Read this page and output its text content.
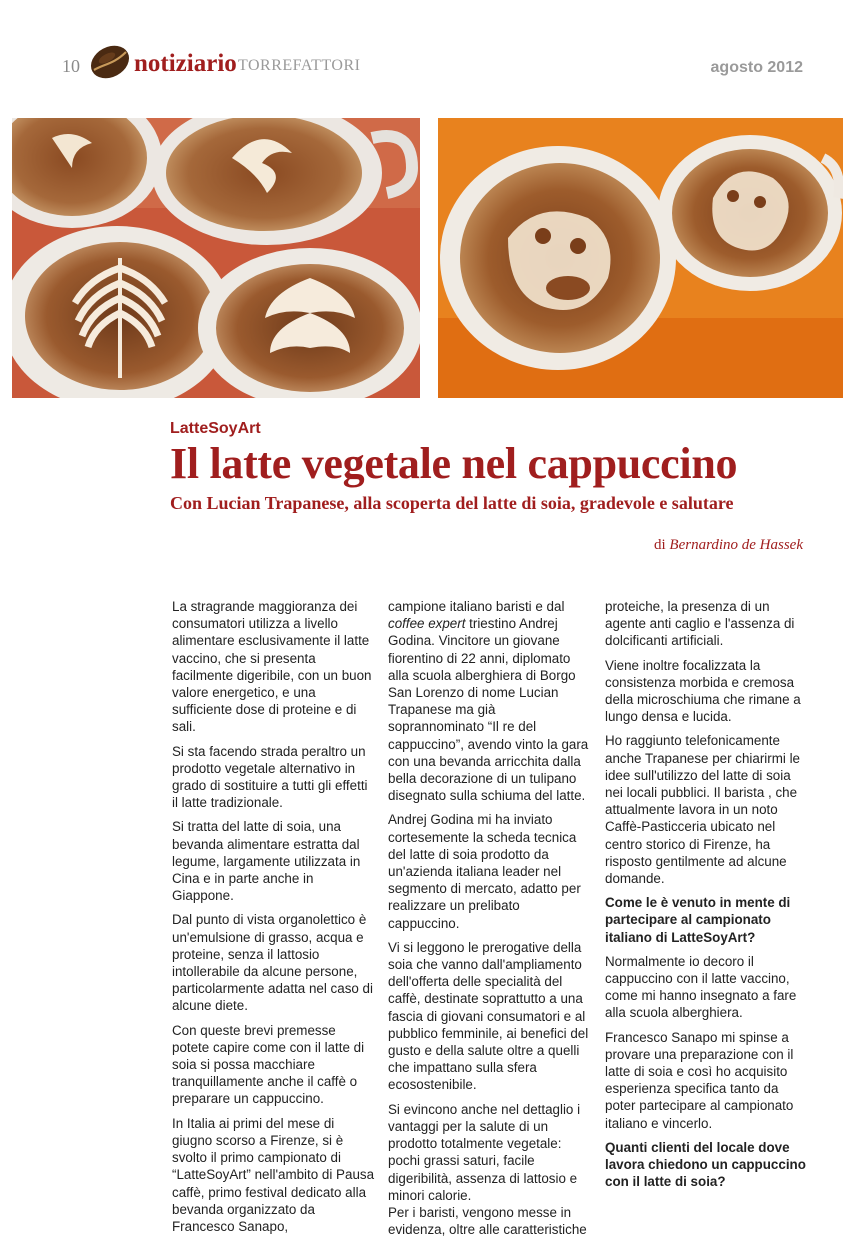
10 notiziario TORREFATTORI	agosto 2012
LatteSoyArt
Il latte vegetale nel cappuccino

Con Lucian Trapanese, alla scoperta del latte di soia, gradevole e salutare

di Bernardino de Hassek

La stragrande maggioranza dei consumatori utilizza a livello alimentare esclusivamente il latte vaccino, che si presenta facilmente digeribile, con un buon valore energetico, e una sufficiente dose di proteine e di sali.

Si sta facendo strada peraltro un prodotto vegetale alternativo in grado di sostituire a tutti gli effetti il latte tradizionale.

Si tratta del latte di soia, una bevanda alimentare estratta dal legume, largamente utilizzata in Cina e in parte anche in Giappone.

Dal punto di vista organolettico è un'emulsione di grasso, acqua e proteine, senza il lattosio intollerabile da alcune persone, particolarmente adatta nel caso di alcune diete.

Con queste brevi premesse potete capire come con il latte di soia si possa macchiare tranquillamente anche il caffè o preparare un cappuccino.

In Italia ai primi del mese di giugno scorso a Firenze, si è svolto il primo campionato di “LatteSoyArt” nell'ambito di Pausa caffè, primo festival dedicato alla bevanda organizzato da Francesco Sanapo,

campione italiano baristi e dal coffee expert triestino Andrej Godina. Vincitore un giovane fiorentino di 22 anni, diplomato alla scuola alberghiera di Borgo San Lorenzo di nome Lucian Trapanese ma già soprannominato “Il re del cappuccino”, avendo vinto la gara con una bevanda arricchita dalla bella decorazione di un tulipano disegnato sulla schiuma del latte.

Andrej Godina mi ha inviato cortesemente la scheda tecnica del latte di soia prodotto da un'azienda italiana leader nel segmento di mercato, adatto per realizzare un prelibato cappuccino.

Vi si leggono le prerogative della soia che vanno dall'ampliamento dell'offerta delle specialità del caffè, destinate soprattutto a una fascia di giovani consumatori e al pubblico femminile, ai benefici del gusto e della salute oltre a quelli che impattano sulla sfera ecosostenibile.

Si evincono anche nel dettaglio i vantaggi per la salute di un prodotto totalmente vegetale: pochi grassi saturi, facile digeribilità, assenza di lattosio e minori calorie.

Per i baristi, vengono messe in evidenza, oltre alle caratteristiche

proteiche, la presenza di un agente anti caglio e l'assenza di dolcificanti artificiali.

Viene inoltre focalizzata la consistenza morbida e cremosa della microschiuma che rimane a lungo densa e lucida.

Ho raggiunto telefonicamente anche Trapanese per chiarirmi le idee sull'utilizzo del latte di soia nei locali pubblici. Il barista , che attualmente lavora in un noto Caffè-Pasticceria ubicato nel centro storico di Firenze, ha risposto gentilmente ad alcune domande.

Come le è venuto in mente di partecipare al campionato italiano di LatteSoyArt?

Normalmente io decoro il cappuccino con il latte vaccino, come mi hanno insegnato a fare alla scuola alberghiera.

Francesco Sanapo mi spinse a provare una preparazione con il latte di soia e così ho acquisito esperienza specifica tanto da poter partecipare al campionato italiano e vincerlo.

Quanti clienti del locale dove lavora chiedono un cappuccino con il latte di soia?
